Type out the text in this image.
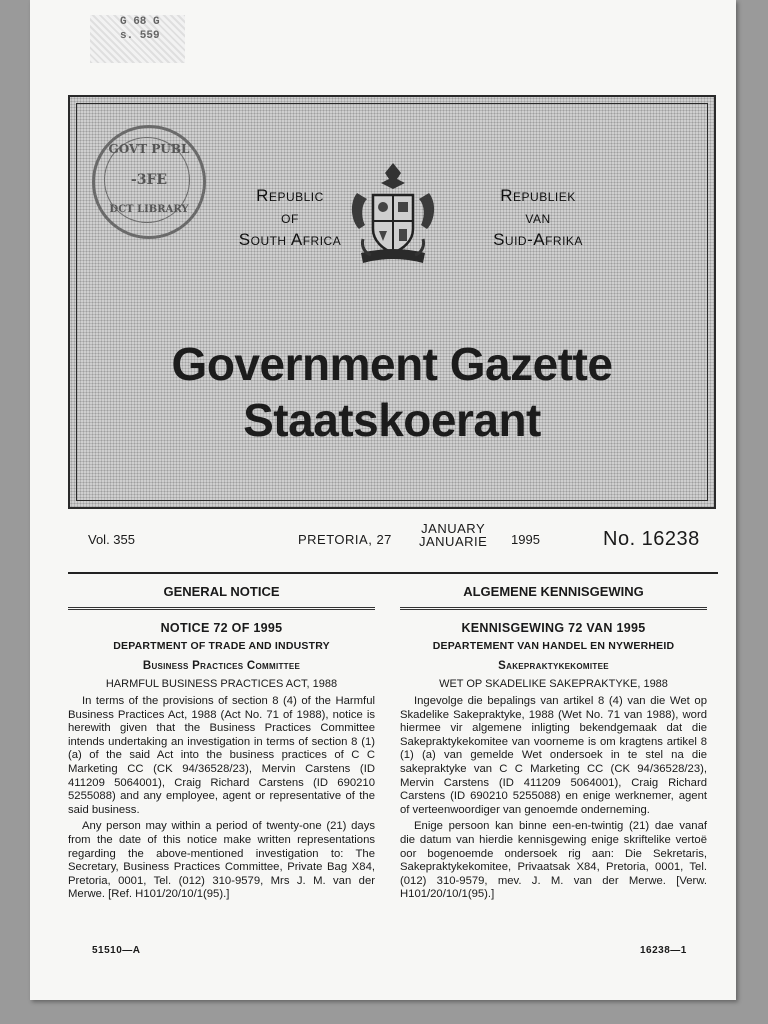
G 68 G
s. 559
GOVT PUBL
-3FE
DCT LIBRARY
Republic
of
South Africa
Republiek
van
Suid-Afrika
Government Gazette
Staatskoerant
Vol. 355	PRETORIA, 27
JANUARY
JANUARIE 1995	No. 16238
GENERAL NOTICE
NOTICE 72 OF 1995
DEPARTMENT OF TRADE AND INDUSTRY
Business Practices Committee
HARMFUL BUSINESS PRACTICES ACT, 1988
In terms of the provisions of section 8 (4) of the Harmful Business Practices Act, 1988 (Act No. 71 of 1988), notice is herewith given that the Business Practices Committee intends undertaking an investigation in terms of section 8 (1) (a) of the said Act into the business practices of C C Marketing CC (CK 94/36528/23), Mervin Carstens (ID 411209 5064001), Craig Richard Carstens (ID 690210 5255088) and any employee, agent or representative of the said business.
Any person may within a period of twenty-one (21) days from the date of this notice make written representations regarding the above-mentioned investigation to: The Secretary, Business Practices Committee, Private Bag X84, Pretoria, 0001, Tel. (012) 310-9579, Mrs J. M. van der Merwe. [Ref. H101/20/10/1(95).]
ALGEMENE KENNISGEWING
KENNISGEWING 72 VAN 1995
DEPARTEMENT VAN HANDEL EN NYWERHEID
Sakepraktykekomitee
WET OP SKADELIKE SAKEPRAKTYKE, 1988
Ingevolge die bepalings van artikel 8 (4) van die Wet op Skadelike Sakepraktyke, 1988 (Wet No. 71 van 1988), word hiermee vir algemene inligting bekendgemaak dat die Sakepraktykekomitee van voorneme is om kragtens artikel 8 (1) (a) van gemelde Wet ondersoek in te stel na die sakepraktyke van C C Marketing CC (CK 94/36528/23), Mervin Carstens (ID 411209 5064001), Craig Richard Carstens (ID 690210 5255088) en enige werknemer, agent of verteenwoordiger van genoemde onderneming.
Enige persoon kan binne een-en-twintig (21) dae vanaf die datum van hierdie kennisgewing enige skriftelike vertoë oor bogenoemde ondersoek rig aan: Die Sekretaris, Sakepraktykekomitee, Privaatsak X84, Pretoria, 0001, Tel. (012) 310-9579, mev. J. M. van der Merwe. [Verw. H101/20/10/1(95).]
51510—A	16238—1
